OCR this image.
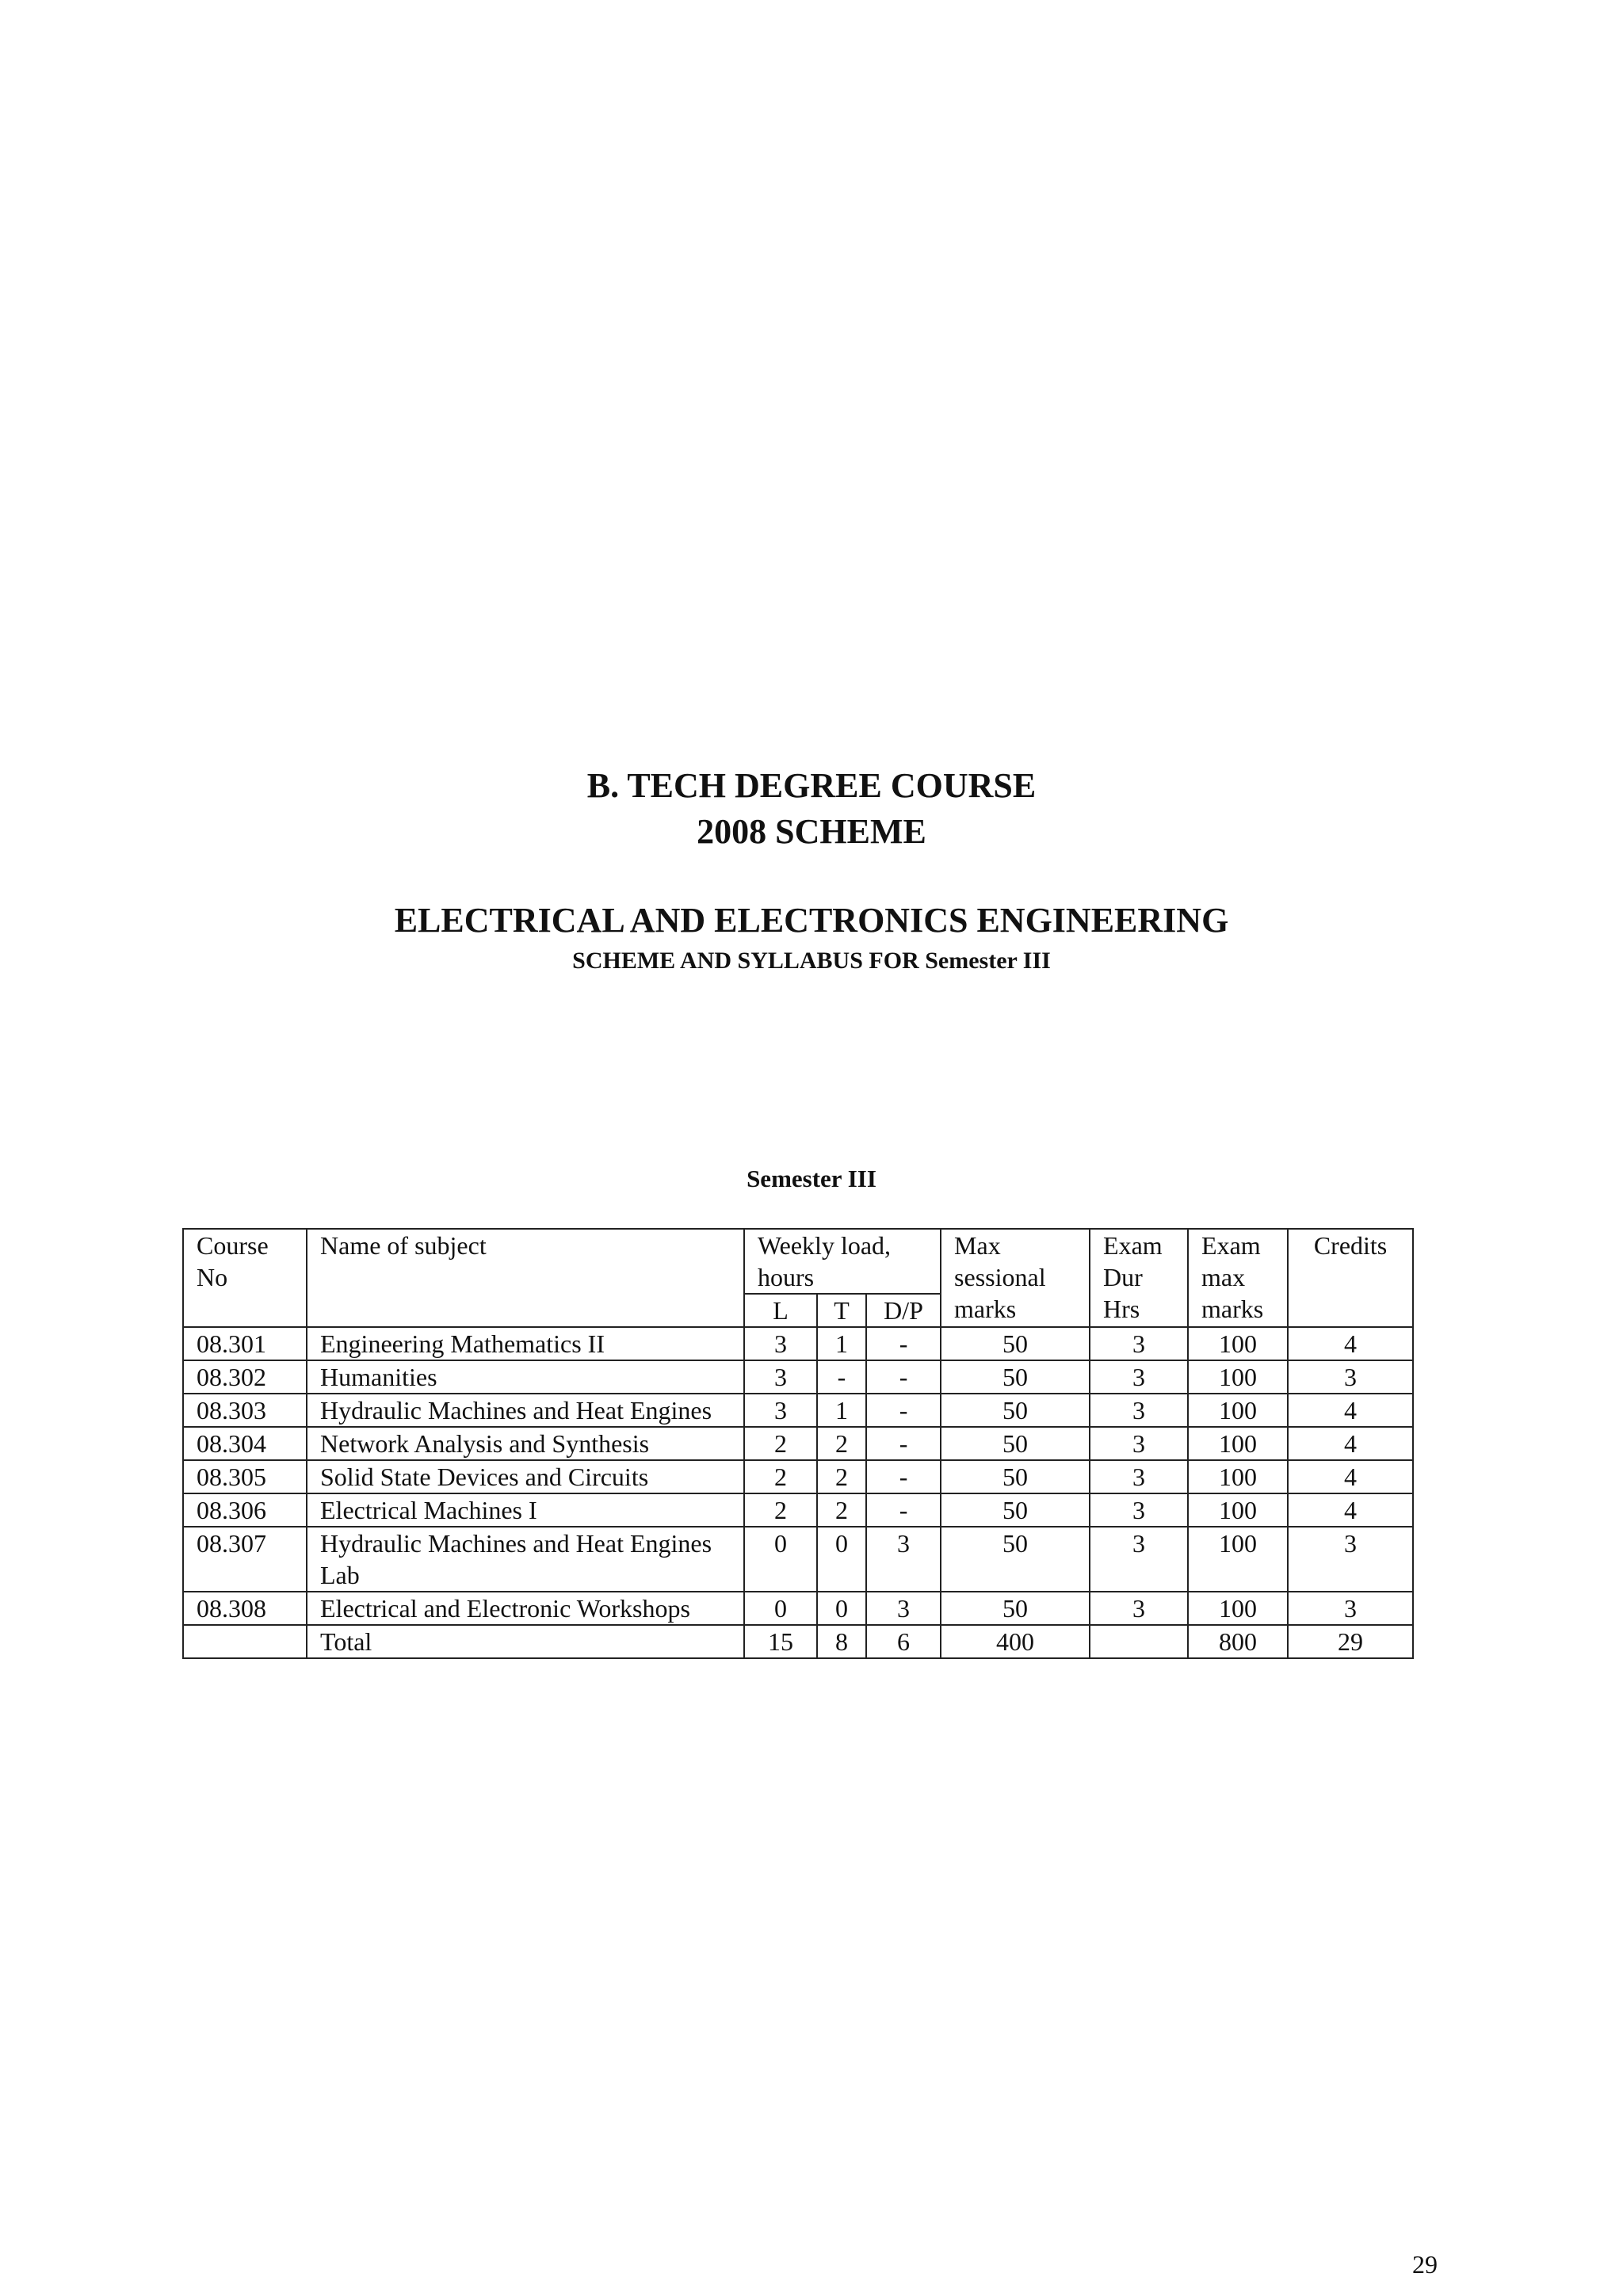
B. TECH DEGREE COURSE
2008 SCHEME
ELECTRICAL AND ELECTRONICS ENGINEERING
SCHEME AND SYLLABUS FOR Semester III
Semester III
Course No	Name of subject	Weekly load, hours			Max sessional marks	Exam Dur Hrs	Exam max marks	Credits
		L	T	D/P				
08.301	Engineering Mathematics II	3	1	-	50	3	100	4
08.302	Humanities	3	-	-	50	3	100	3
08.303	Hydraulic Machines and Heat Engines	3	1	-	50	3	100	4
08.304	Network Analysis and Synthesis	2	2	-	50	3	100	4
08.305	Solid State Devices and Circuits	2	2	-	50	3	100	4
08.306	Electrical Machines I	2	2	-	50	3	100	4
08.307	Hydraulic Machines and Heat Engines Lab	0	0	3	50	3	100	3
08.308	Electrical and Electronic Workshops	0	0	3	50	3	100	3
	Total	15	8	6	400		800	29
29
